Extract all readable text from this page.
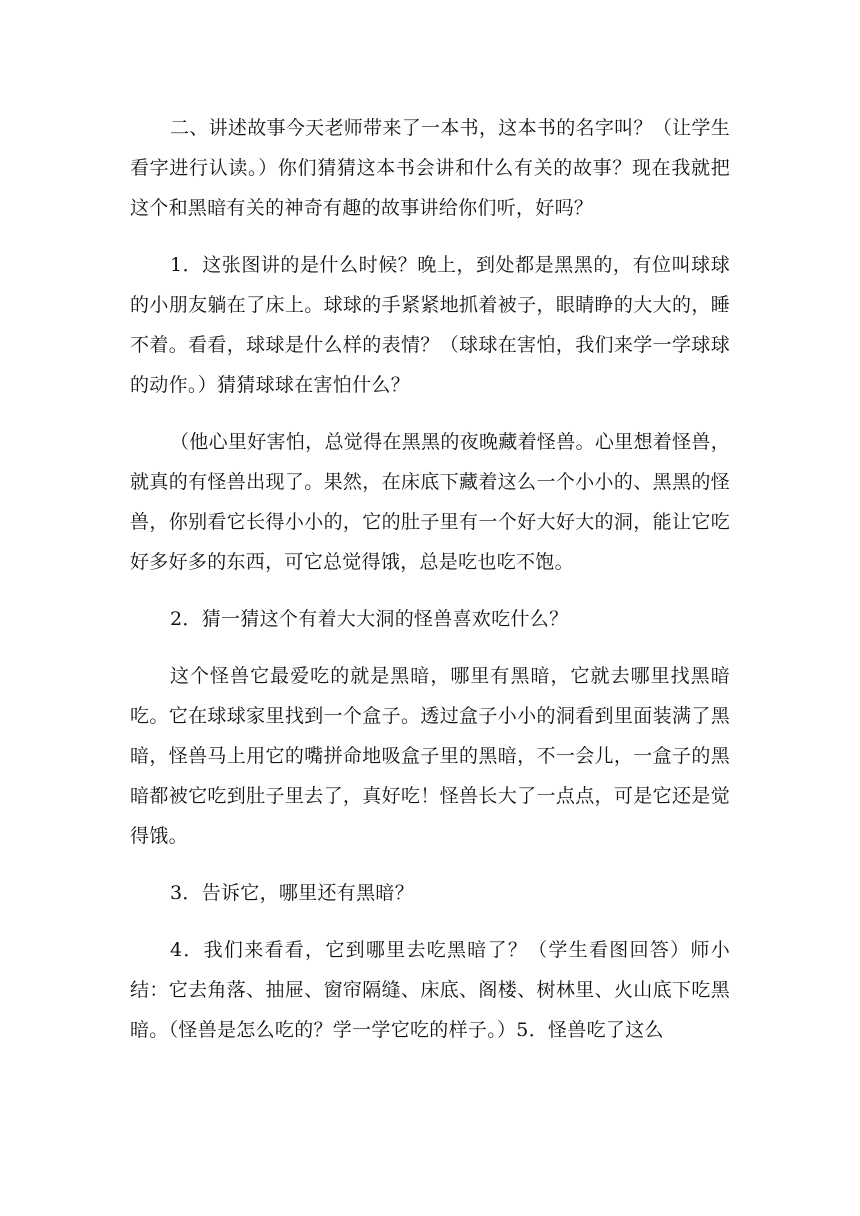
二、讲述故事今天老师带来了一本书，这本书的名字叫？（让学生看字进行认读。）你们猜猜这本书会讲和什么有关的故事？现在我就把这个和黑暗有关的神奇有趣的故事讲给你们听，好吗？

1．这张图讲的是什么时候？晚上，到处都是黑黑的，有位叫球球的小朋友躺在了床上。球球的手紧紧地抓着被子，眼睛睁的大大的，睡不着。看看，球球是什么样的表情？（球球在害怕，我们来学一学球球的动作。）猜猜球球在害怕什么？

（他心里好害怕，总觉得在黑黑的夜晚藏着怪兽。心里想着怪兽，就真的有怪兽出现了。果然，在床底下藏着这么一个小小的、黑黑的怪兽，你别看它长得小小的，它的肚子里有一个好大好大的洞，能让它吃好多好多的东西，可它总觉得饿，总是吃也吃不饱。

2．猜一猜这个有着大大洞的怪兽喜欢吃什么？

这个怪兽它最爱吃的就是黑暗，哪里有黑暗，它就去哪里找黑暗吃。它在球球家里找到一个盒子。透过盒子小小的洞看到里面装满了黑暗，怪兽马上用它的嘴拼命地吸盒子里的黑暗，不一会儿，一盒子的黑暗都被它吃到肚子里去了，真好吃！怪兽长大了一点点，可是它还是觉得饿。

3．告诉它，哪里还有黑暗？

4．我们来看看，它到哪里去吃黑暗了？（学生看图回答）师小结：它去角落、抽屉、窗帘隔缝、床底、阁楼、树林里、火山底下吃黑暗。（怪兽是怎么吃的？学一学它吃的样子。）5．怪兽吃了这么
